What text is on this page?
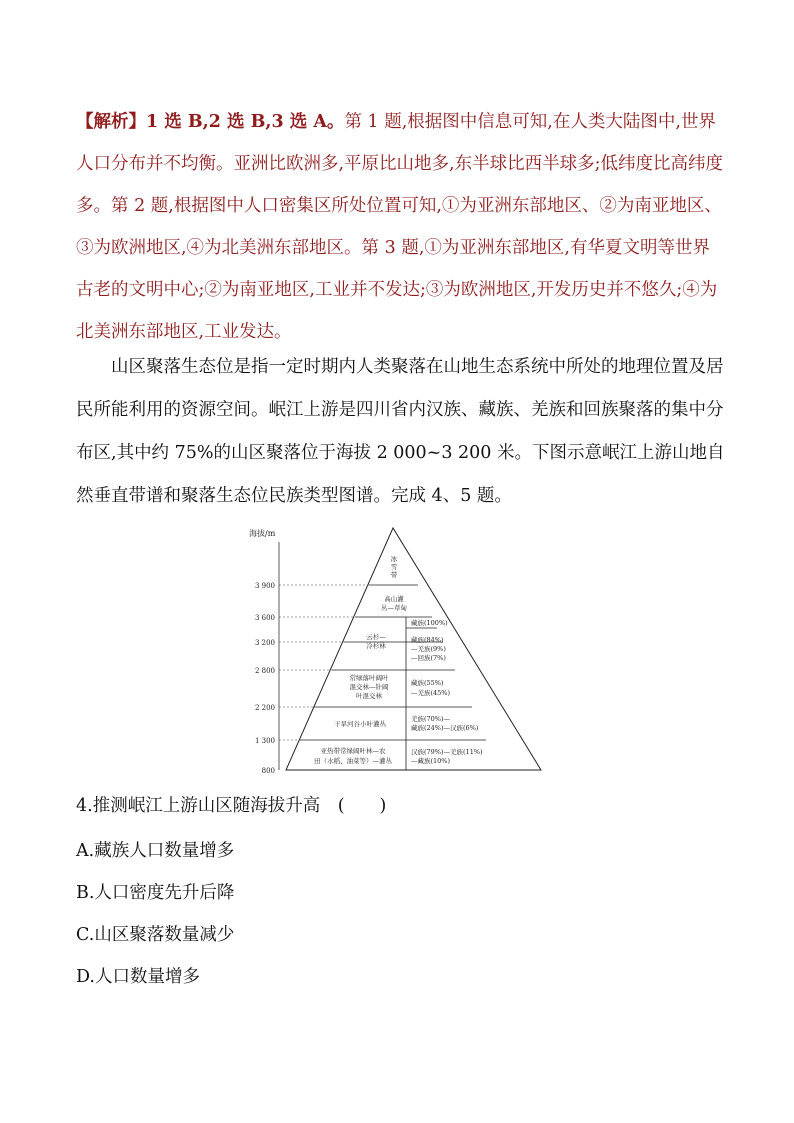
【解析】1 选 B,2 选 B,3 选 A。第 1 题,根据图中信息可知,在人类大陆图中,世界人口分布并不均衡。亚洲比欧洲多,平原比山地多,东半球比西半球多;低纬度比高纬度多。第 2 题,根据图中人口密集区所处位置可知,①为亚洲东部地区、②为南亚地区、③为欧洲地区,④为北美洲东部地区。第 3 题,①为亚洲东部地区,有华夏文明等世界古老的文明中心;②为南亚地区,工业并不发达;③为欧洲地区,开发历史并不悠久;④为北美洲东部地区,工业发达。

山区聚落生态位是指一定时期内人类聚落在山地生态系统中所处的地理位置及居民所能利用的资源空间。岷江上游是四川省内汉族、藏族、羌族和回族聚落的集中分布区,其中约 75%的山区聚落位于海拔 2 000~3 200 米。下图示意岷江上游山地自然垂直带谱和聚落生态位民族类型图谱。完成 4、5 题。

海拔/m
3 900
3 600
3 200
2 800
2 200
1 300
800
冰
雪
带
高山灌
丛—草甸
云杉—
冷杉林
常绿落叶阔叶
混交林—针阔
叶混交林
干旱河谷小叶灌丛
亚热带常绿阔叶林—农
田（水稻、油菜等）—灌丛
藏族(100%)
藏族(84%)
—羌族(9%)
—回族(7%)
藏族(55%)
—羌族(45%)
羌族(70%)—
藏族(24%)—汉族(6%)
汉族(79%)—羌族(11%)
—藏族(10%)
4.推测岷江上游山区随海拔升高　(　　)
A.藏族人口数量增多
B.人口密度先升后降
C.山区聚落数量减少
D.人口数量增多
